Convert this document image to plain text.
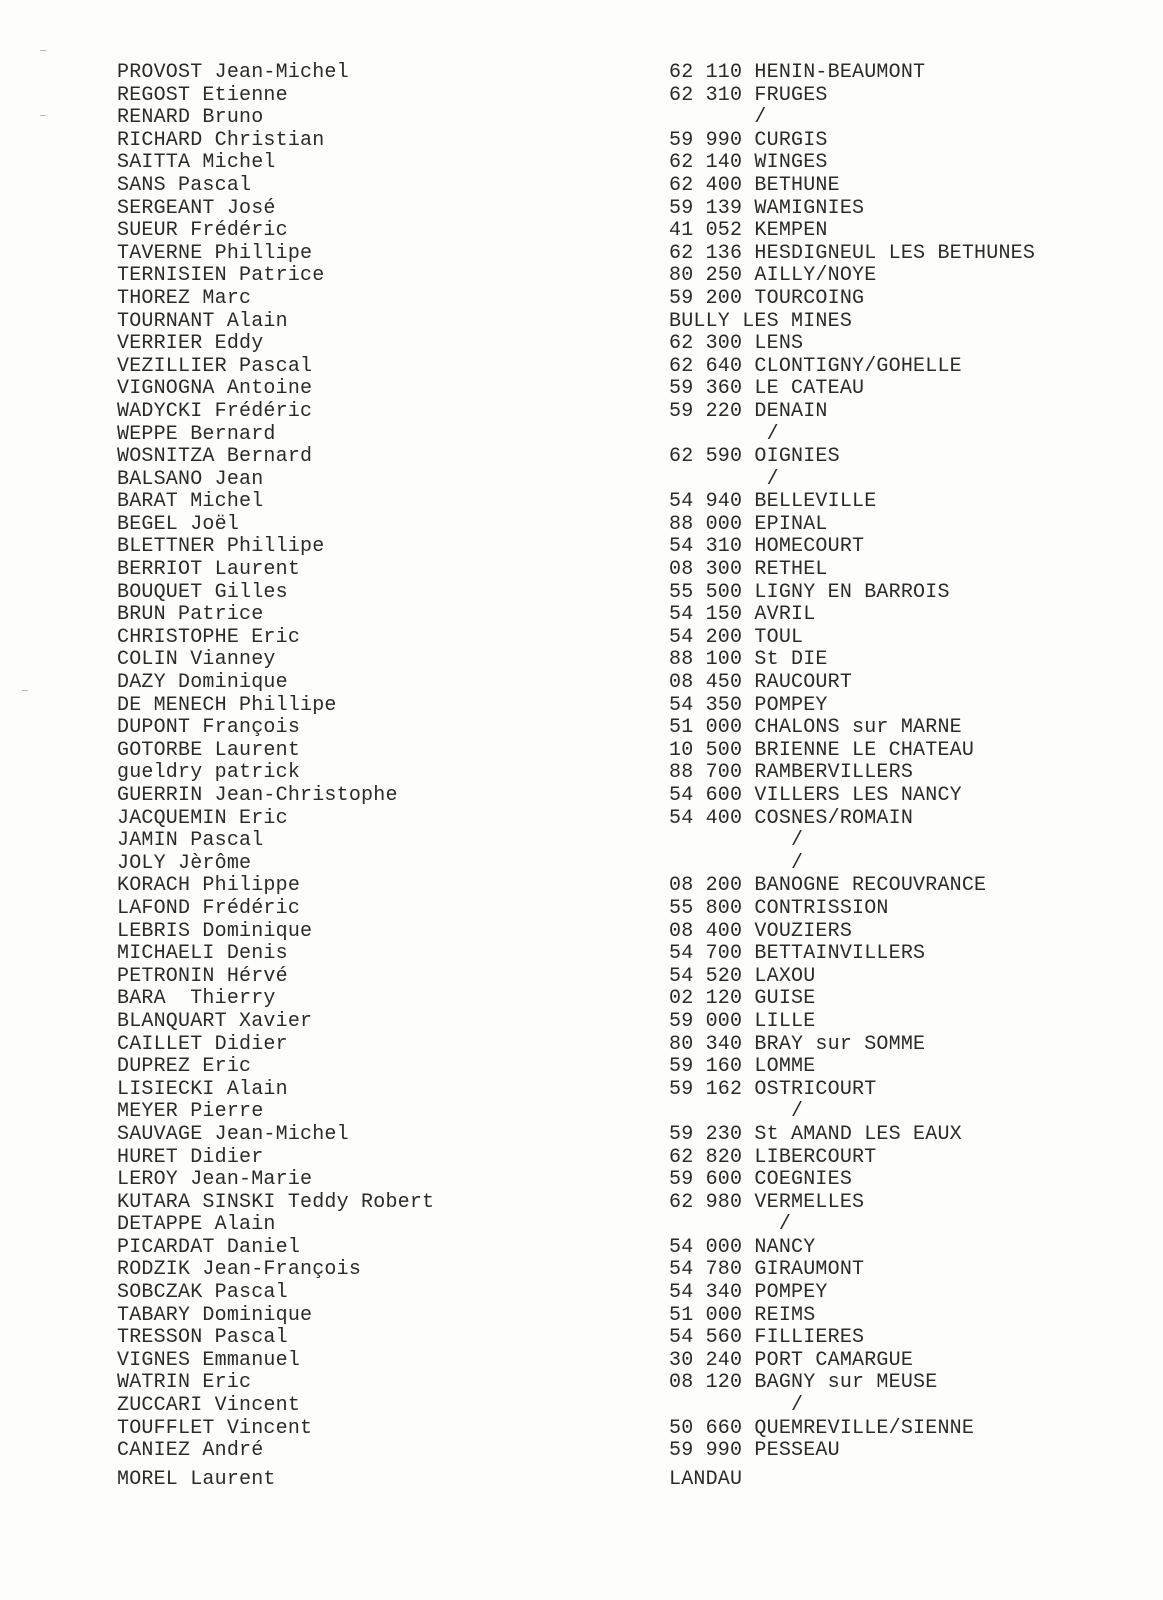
PROVOST Jean-Michel	62 110 HENIN-BEAUMONT
REGOST Etienne	62 310 FRUGES
RENARD Bruno	/
RICHARD Christian	59 990 CURGIS
SAITTA Michel	62 140 WINGES
SANS Pascal	62 400 BETHUNE
SERGEANT José	59 139 WAMIGNIES
SUEUR Frédéric	41 052 KEMPEN
TAVERNE Phillipe	62 136 HESDIGNEUL LES BETHUNES
TERNISIEN Patrice	80 250 AILLY/NOYE
THOREZ Marc	59 200 TOURCOING
TOURNANT Alain	BULLY LES MINES
VERRIER Eddy	62 300 LENS
VEZILLIER Pascal	62 640 CLONTIGNY/GOHELLE
VIGNOGNA Antoine	59 360 LE CATEAU
WADYCKI Frédéric	59 220 DENAIN
WEPPE Bernard	/
WOSNITZA Bernard	62 590 OIGNIES
BALSANO Jean	/
BARAT Michel	54 940 BELLEVILLE
BEGEL Joël	88 000 EPINAL
BLETTNER Phillipe	54 310 HOMECOURT
BERRIOT Laurent	08 300 RETHEL
BOUQUET Gilles	55 500 LIGNY EN BARROIS
BRUN Patrice	54 150 AVRIL
CHRISTOPHE Eric	54 200 TOUL
COLIN Vianney	88 100 St DIE
DAZY Dominique	08 450 RAUCOURT
DE MENECH Phillipe	54 350 POMPEY
DUPONT François	51 000 CHALONS sur MARNE
GOTORBE Laurent	10 500 BRIENNE LE CHATEAU
gueldry patrick	88 700 RAMBERVILLERS
GUERRIN Jean-Christophe	54 600 VILLERS LES NANCY
JACQUEMIN Eric	54 400 COSNES/ROMAIN
JAMIN Pascal	/
JOLY Jèrôme	/
KORACH Philippe	08 200 BANOGNE RECOUVRANCE
LAFOND Frédéric	55 800 CONTRISSION
LEBRIS Dominique	08 400 VOUZIERS
MICHAELI Denis	54 700 BETTAINVILLERS
PETRONIN Hérvé	54 520 LAXOU
BARA  Thierry	02 120 GUISE
BLANQUART Xavier	59 000 LILLE
CAILLET Didier	80 340 BRAY sur SOMME
DUPREZ Eric	59 160 LOMME
LISIECKI Alain	59 162 OSTRICOURT
MEYER Pierre	/
SAUVAGE Jean-Michel	59 230 St AMAND LES EAUX
HURET Didier	62 820 LIBERCOURT
LEROY Jean-Marie	59 600 COEGNIES
KUTARA SINSKI Teddy Robert	62 980 VERMELLES
DETAPPE Alain	/
PICARDAT Daniel	54 000 NANCY
RODZIK Jean-François	54 780 GIRAUMONT
SOBCZAK Pascal	54 340 POMPEY
TABARY Dominique	51 000 REIMS
TRESSON Pascal	54 560 FILLIERES
VIGNES Emmanuel	30 240 PORT CAMARGUE
WATRIN Eric	08 120 BAGNY sur MEUSE
ZUCCARI Vincent	/
TOUFFLET Vincent	50 660 QUEMREVILLE/SIENNE
CANIEZ André	59 990 PESSEAU
MOREL Laurent	LANDAU
